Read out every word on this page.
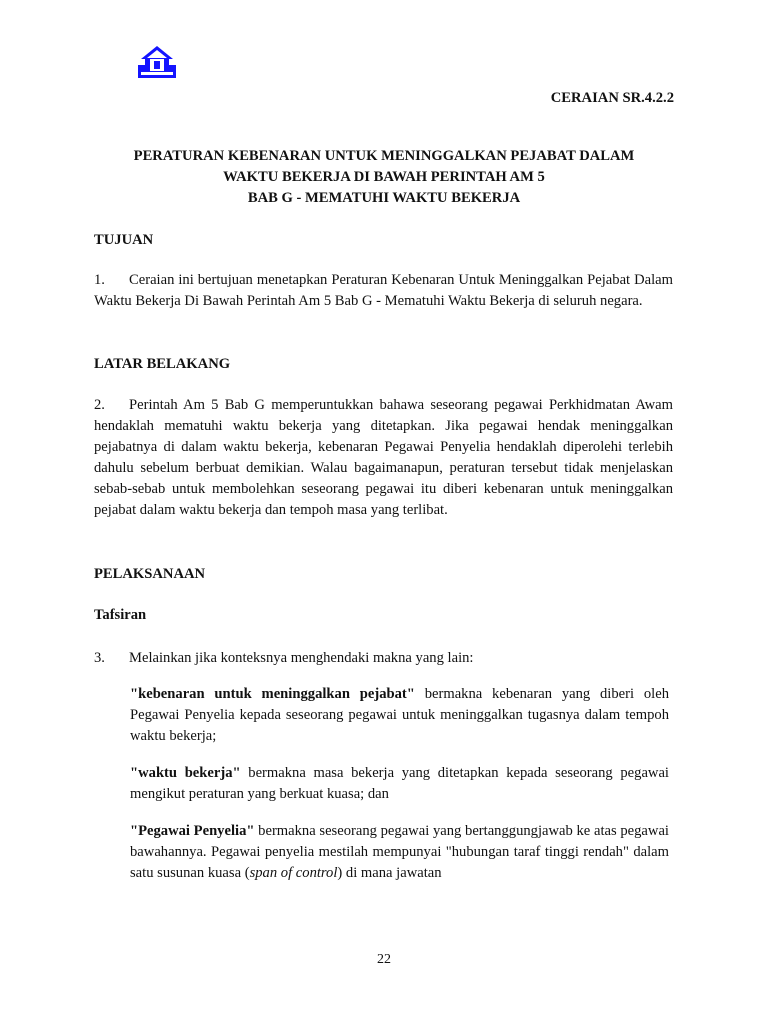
CERAIAN SR.4.2.2
PERATURAN KEBENARAN UNTUK MENINGGALKAN PEJABAT DALAM
WAKTU BEKERJA DI BAWAH PERINTAH AM 5
BAB G - MEMATUHI WAKTU BEKERJA
TUJUAN
1. Ceraian ini bertujuan menetapkan Peraturan Kebenaran Untuk Meninggalkan Pejabat Dalam Waktu Bekerja Di Bawah Perintah Am 5 Bab G - Mematuhi Waktu Bekerja di seluruh negara.
LATAR BELAKANG
2. Perintah Am 5 Bab G memperuntukkan bahawa seseorang pegawai Perkhidmatan Awam hendaklah mematuhi waktu bekerja yang ditetapkan. Jika pegawai hendak meninggalkan pejabatnya di dalam waktu bekerja, kebenaran Pegawai Penyelia hendaklah diperolehi terlebih dahulu sebelum berbuat demikian. Walau bagaimanapun, peraturan tersebut tidak menjelaskan sebab-sebab untuk membolehkan seseorang pegawai itu diberi kebenaran untuk meninggalkan pejabat dalam waktu bekerja dan tempoh masa yang terlibat.
PELAKSANAAN
Tafsiran
3. Melainkan jika konteksnya menghendaki makna yang lain:
"kebenaran untuk meninggalkan pejabat" bermakna kebenaran yang diberi oleh Pegawai Penyelia kepada seseorang pegawai untuk meninggalkan tugasnya dalam tempoh waktu bekerja;
"waktu bekerja" bermakna masa bekerja yang ditetapkan kepada seseorang pegawai mengikut peraturan yang berkuat kuasa; dan
"Pegawai Penyelia" bermakna seseorang pegawai yang bertanggungjawab ke atas pegawai bawahannya. Pegawai penyelia mestilah mempunyai "hubungan taraf tinggi rendah" dalam satu susunan kuasa (span of control) di mana jawatan
22
